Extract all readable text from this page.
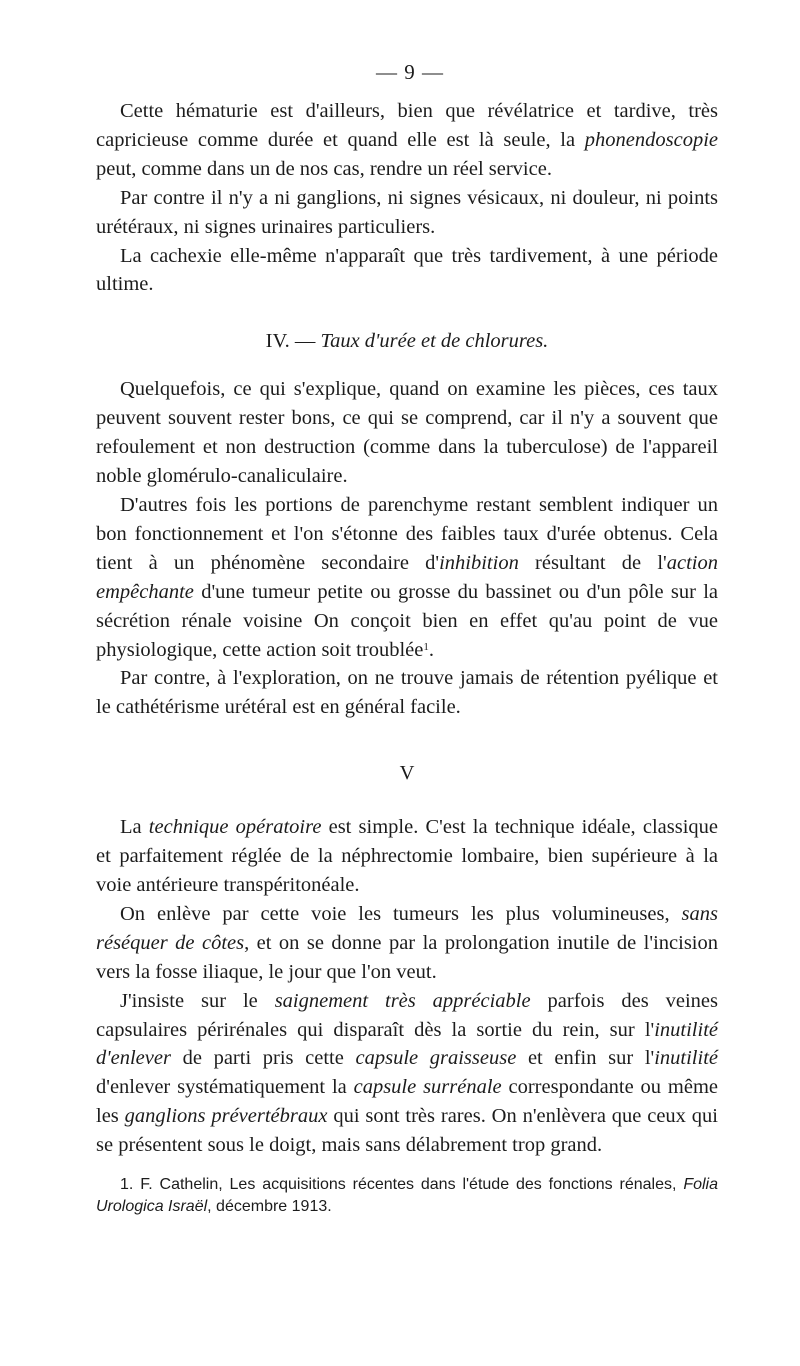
— 9 —

Cette hématurie est d'ailleurs, bien que révélatrice et tardive, très capricieuse comme durée et quand elle est là seule, la phonendoscopie peut, comme dans un de nos cas, rendre un réel service.

Par contre il n'y a ni ganglions, ni signes vésicaux, ni douleur, ni points urétéraux, ni signes urinaires particuliers.

La cachexie elle-même n'apparaît que très tardivement, à une période ultime.

IV. — Taux d'urée et de chlorures.

Quelquefois, ce qui s'explique, quand on examine les pièces, ces taux peuvent souvent rester bons, ce qui se comprend, car il n'y a souvent que refoulement et non destruction (comme dans la tuberculose) de l'appareil noble glomérulo-canaliculaire.

D'autres fois les portions de parenchyme restant semblent indiquer un bon fonctionnement et l'on s'étonne des faibles taux d'urée obtenus. Cela tient à un phénomène secondaire d'inhibition résultant de l'action empêchante d'une tumeur petite ou grosse du bassinet ou d'un pôle sur la sécrétion rénale voisine On conçoit bien en effet qu'au point de vue physiologique, cette action soit troublée$^1$.

Par contre, à l'exploration, on ne trouve jamais de rétention pyélique et le cathétérisme urétéral est en général facile.

V

La technique opératoire est simple. C'est la technique idéale, classique et parfaitement réglée de la néphrectomie lombaire, bien supérieure à la voie antérieure transpéritonéale.

On enlève par cette voie les tumeurs les plus volumineuses, sans réséquer de côtes, et on se donne par la prolongation inutile de l'incision vers la fosse iliaque, le jour que l'on veut.

J'insiste sur le saignement très appréciable parfois des veines capsulaires périrénales qui disparaît dès la sortie du rein, sur l'inutilité d'enlever de parti pris cette capsule graisseuse et enfin sur l'inutilité d'enlever systématiquement la capsule surrénale correspondante ou même les ganglions prévertébraux qui sont très rares. On n'enlèvera que ceux qui se présentent sous le doigt, mais sans délabrement trop grand.

1. F. Cathelin, Les acquisitions récentes dans l'étude des fonctions rénales, Folia Urologica Israël, décembre 1913.
